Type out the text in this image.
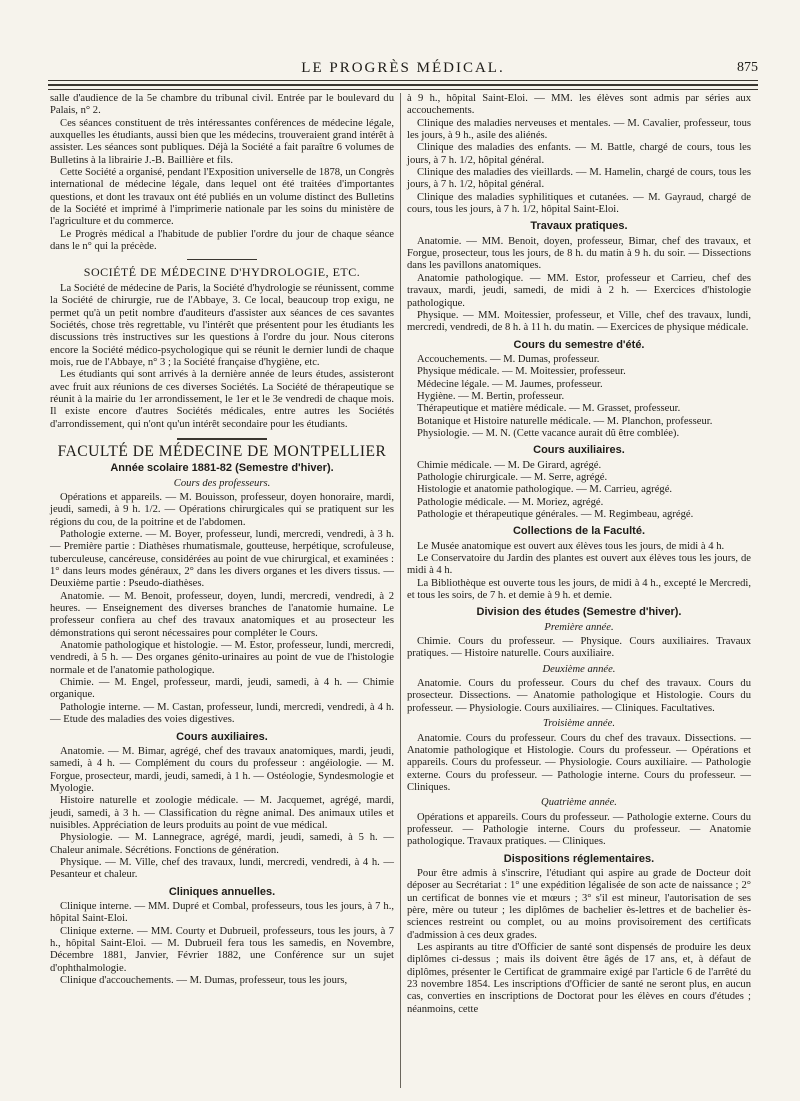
LE PROGRÈS MÉDICAL.	875

salle d'audience de la 5e chambre du tribunal civil. Entrée par le boulevard du Palais, n° 2.

Ces séances constituent de très intéressantes conférences de médecine légale, auxquelles les étudiants, aussi bien que les médecins, trouveraient grand intérêt à assister. Les séances sont publiques. Déjà la Société a fait paraître 6 volumes de Bulletins à la librairie J.-B. Baillière et fils.

Cette Société a organisé, pendant l'Exposition universelle de 1878, un Congrès international de médecine légale, dans lequel ont été traitées d'importantes questions, et dont les travaux ont été publiés en un volume distinct des Bulletins de la Société et imprimé à l'imprimerie nationale par les soins du ministère de l'agriculture et du commerce.

Le Progrès médical a l'habitude de publier l'ordre du jour de chaque séance dans le n° qui la précède.

SOCIÉTÉ DE MÉDECINE D'HYDROLOGIE, ETC.

La Société de médecine de Paris, la Société d'hydrologie se réunissent, comme la Société de chirurgie, rue de l'Abbaye, 3. Ce local, beaucoup trop exigu, ne permet qu'à un petit nombre d'auditeurs d'assister aux séances de ces savantes Sociétés, chose très regrettable, vu l'intérêt que présentent pour les étudiants les discussions très instructives sur les questions à l'ordre du jour. Nous citerons encore la Société médico-psychologique qui se réunit le dernier lundi de chaque mois, rue de l'Abbaye, n° 3 ; la Société française d'hygiène, etc.

Les étudiants qui sont arrivés à la dernière année de leurs études, assisteront avec fruit aux réunions de ces diverses Sociétés. La Société de thérapeutique se réunit à la mairie du 1er arrondissement, le 1er et le 3e vendredi de chaque mois. Il existe encore d'autres Sociétés médicales, entre autres les Sociétés d'arrondissement, qui n'ont qu'un intérêt secondaire pour les étudiants.

FACULTÉ DE MÉDECINE DE MONTPELLIER
Année scolaire 1881-82 (Semestre d'hiver).
Cours des professeurs.

Opérations et appareils. — M. Bouisson, professeur, doyen honoraire, mardi, jeudi, samedi, à 9 h. 1/2. — Opérations chirurgicales qui se pratiquent sur les régions du cou, de la poitrine et de l'abdomen.

Pathologie externe. — M. Boyer, professeur, lundi, mercredi, vendredi, à 3 h. — Première partie : Diathèses rhumatismale, goutteuse, herpétique, scrofuleuse, tuberculeuse, cancéreuse, considérées au point de vue chirurgical, et examinées : 1° dans leurs modes généraux, 2° dans les divers organes et les divers tissus. — Deuxième partie : Pseudo-diathèses.

Anatomie. — M. Benoit, professeur, doyen, lundi, mercredi, vendredi, à 2 heures. — Enseignement des diverses branches de l'anatomie humaine. Le professeur confiera au chef des travaux anatomiques et au prosecteur les démonstrations qui seront nécessaires pour compléter le Cours.

Anatomie pathologique et histologie. — M. Estor, professeur, lundi, mercredi, vendredi, à 5 h. — Des organes génito-urinaires au point de vue de l'histologie normale et de l'anatomie pathologique.

Chimie. — M. Engel, professeur, mardi, jeudi, samedi, à 4 h. — Chimie organique.

Pathologie interne. — M. Castan, professeur, lundi, mercredi, vendredi, à 4 h. — Etude des maladies des voies digestives.

Cours auxiliaires.

Anatomie. — M. Bimar, agrégé, chef des travaux anatomiques, mardi, jeudi, samedi, à 4 h. — Complément du cours du professeur : angéiologie. — M. Forgue, prosecteur, mardi, jeudi, samedi, à 1 h. — Ostéologie, Syndesmologie et Myologie.

Histoire naturelle et zoologie médicale. — M. Jacquemet, agrégé, mardi, jeudi, samedi, à 3 h. — Classification du règne animal. Des animaux utiles et nuisibles. Appréciation de leurs produits au point de vue médical.

Physiologie. — M. Lannegrace, agrégé, mardi, jeudi, samedi, à 5 h. — Chaleur animale. Sécrétions. Fonctions de génération.

Physique. — M. Ville, chef des travaux, lundi, mercredi, vendredi, à 4 h. — Pesanteur et chaleur.

Cliniques annuelles.

Clinique interne. — MM. Dupré et Combal, professeurs, tous les jours, à 7 h., hôpital Saint-Eloi.

Clinique externe. — MM. Courty et Dubrueil, professeurs, tous les jours, à 7 h., hôpital Saint-Eloi. — M. Dubrueil fera tous les samedis, en Novembre, Décembre 1881, Janvier, Février 1882, une Conférence sur un sujet d'ophthalmologie.

Clinique d'accouchements. — M. Dumas, professeur, tous les jours,

à 9 h., hôpital Saint-Eloi. — MM. les élèves sont admis par séries aux accouchements.

Clinique des maladies nerveuses et mentales. — M. Cavalier, professeur, tous les jours, à 9 h., asile des aliénés.

Clinique des maladies des enfants. — M. Battle, chargé de cours, tous les jours, à 7 h. 1/2, hôpital général.

Clinique des maladies des vieillards. — M. Hamelin, chargé de cours, tous les jours, à 7 h. 1/2, hôpital général.

Clinique des maladies syphilitiques et cutanées. — M. Gayraud, chargé de cours, tous les jours, à 7 h. 1/2, hôpital Saint-Eloi.

Travaux pratiques.

Anatomie. — MM. Benoit, doyen, professeur, Bimar, chef des travaux, et Forgue, prosecteur, tous les jours, de 8 h. du matin à 9 h. du soir. — Dissections dans les pavillons anatomiques.

Anatomie pathologique. — MM. Estor, professeur et Carrieu, chef des travaux, mardi, jeudi, samedi, de midi à 2 h. — Exercices d'histologie pathologique.

Physique. — MM. Moitessier, professeur, et Ville, chef des travaux, lundi, mercredi, vendredi, de 8 h. à 11 h. du matin. — Exercices de physique médicale.

Cours du semestre d'été.

Accouchements. — M. Dumas, professeur.

Physique médicale. — M. Moitessier, professeur.

Médecine légale. — M. Jaumes, professeur.

Hygiène. — M. Bertin, professeur.

Thérapeutique et matière médicale. — M. Grasset, professeur.

Botanique et Histoire naturelle médicale. — M. Planchon, professeur.

Physiologie. — M. N. (Cette vacance aurait dû être comblée).

Cours auxiliaires.

Chimie médicale. — M. De Girard, agrégé.

Pathologie chirurgicale. — M. Serre, agrégé.

Histologie et anatomie pathologique. — M. Carrieu, agrégé.

Pathologie médicale. — M. Moriez, agrégé.

Pathologie et thérapeutique générales. — M. Regimbeau, agrégé.

Collections de la Faculté.

Le Musée anatomique est ouvert aux élèves tous les jours, de midi à 4 h.

Le Conservatoire du Jardin des plantes est ouvert aux élèves tous les jours, de midi à 4 h.

La Bibliothèque est ouverte tous les jours, de midi à 4 h., excepté le Mercredi, et tous les soirs, de 7 h. et demie à 9 h. et demie.

Division des études (Semestre d'hiver).
Première année.

Chimie. Cours du professeur. — Physique. Cours auxiliaires. Travaux pratiques. — Histoire naturelle. Cours auxiliaire.

Deuxième année.

Anatomie. Cours du professeur. Cours du chef des travaux. Cours du prosecteur. Dissections. — Anatomie pathologique et Histologie. Cours du professeur. — Physiologie. Cours auxiliaires. — Cliniques. Facultatives.

Troisième année.

Anatomie. Cours du professeur. Cours du chef des travaux. Dissections. — Anatomie pathologique et Histologie. Cours du professeur. — Opérations et appareils. Cours du professeur. — Physiologie. Cours auxiliaire. — Pathologie externe. Cours du professeur. — Pathologie interne. Cours du professeur. — Cliniques.

Quatrième année.

Opérations et appareils. Cours du professeur. — Pathologie externe. Cours du professeur. — Pathologie interne. Cours du professeur. — Anatomie pathologique. Travaux pratiques. — Cliniques.

Dispositions réglementaires.

Pour être admis à s'inscrire, l'étudiant qui aspire au grade de Docteur doit déposer au Secrétariat : 1° une expédition légalisée de son acte de naissance ; 2° un certificat de bonnes vie et mœurs ; 3° s'il est mineur, l'autorisation de ses père, mère ou tuteur ; les diplômes de bachelier ès-lettres et de bachelier ès-sciences restreint ou complet, ou au moins provisoirement des certificats d'admission à ces deux grades.

Les aspirants au titre d'Officier de santé sont dispensés de produire les deux diplômes ci-dessus ; mais ils doivent être âgés de 17 ans, et, à défaut de diplômes, présenter le Certificat de grammaire exigé par l'article 6 de l'arrêté du 23 novembre 1854. Les inscriptions d'Officier de santé ne seront plus, en aucun cas, converties en inscriptions de Doctorat pour les élèves en cours d'études ; néanmoins, cette
